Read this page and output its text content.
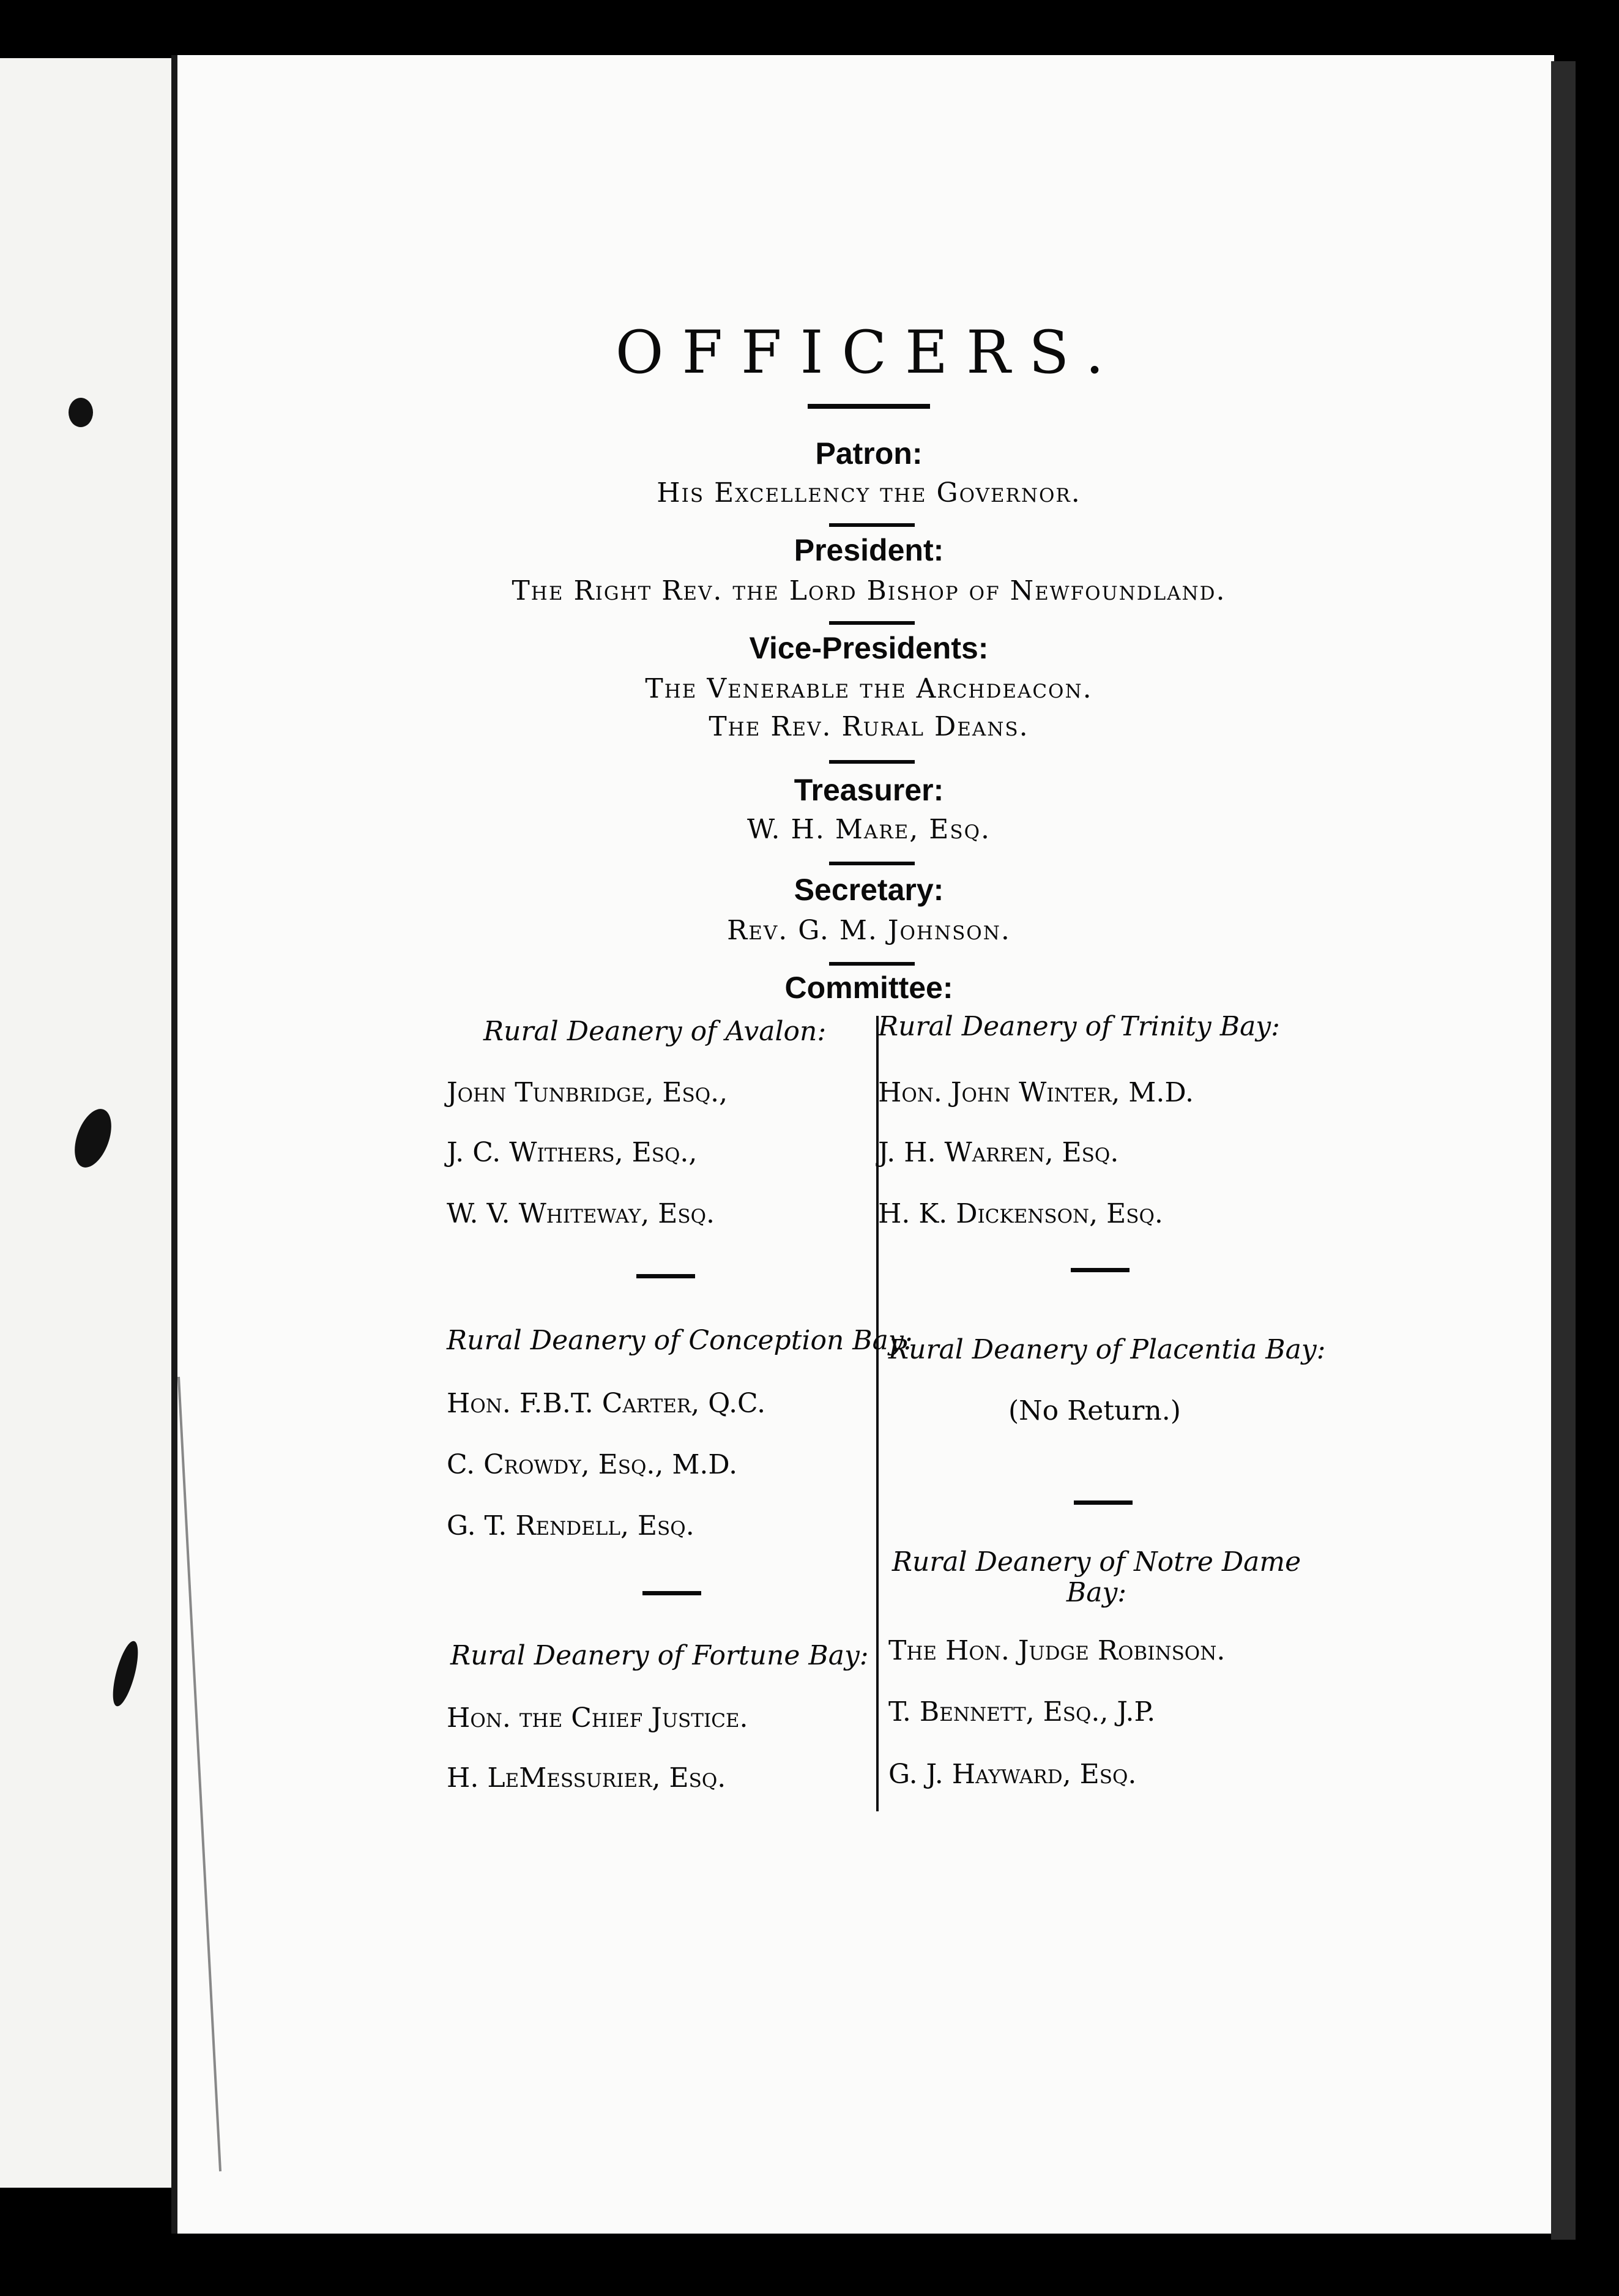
OFFICERS.
Patron:
His Excellency the Governor.
President:
The Right Rev. the Lord Bishop of Newfoundland.
Vice-Presidents:
The Venerable the Archdeacon.
The Rev. Rural Deans.
Treasurer:
W. H. Mare, Esq.
Secretary:
Rev. G. M. Johnson.
Committee:
Rural Deanery of Avalon:
John Tunbridge, Esq.,
J. C. Withers, Esq.,
W. V. Whiteway, Esq.
Rural Deanery of Conception Bay:
Hon. F.B.T. Carter, Q.C.
C. Crowdy, Esq., M.D.
G. T. Rendell, Esq.
Rural Deanery of Fortune Bay:
Hon. the Chief Justice.
H. LeMessurier, Esq.
Rural Deanery of Trinity Bay:
Hon. John Winter, M.D.
J. H. Warren, Esq.
H. K. Dickenson, Esq.
Rural Deanery of Placentia Bay:
(No Return.)
Rural Deanery of Notre Dame Bay:
The Hon. Judge Robinson.
T. Bennett, Esq., J.P.
G. J. Hayward, Esq.
